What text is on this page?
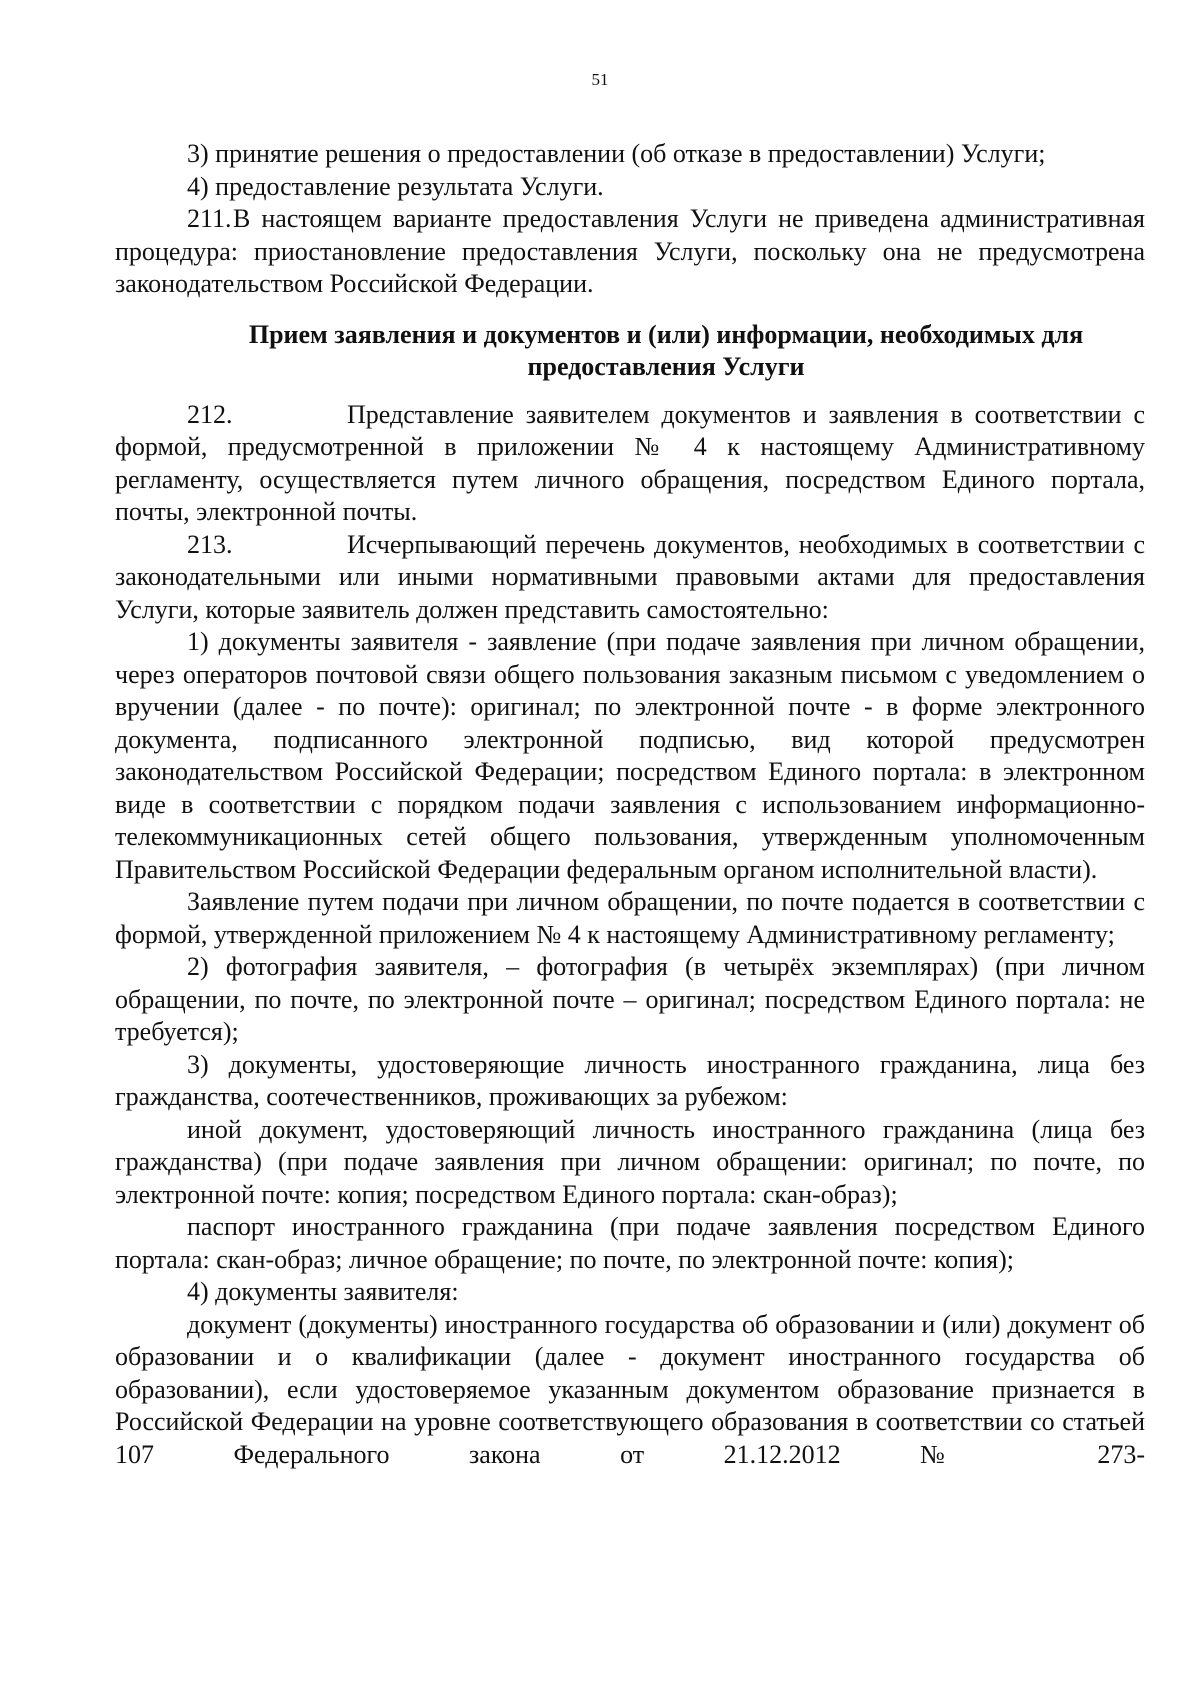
51

3) принятие решения о предоставлении (об отказе в предоставлении) Услуги;

4) предоставление результата Услуги.

211.В настоящем варианте предоставления Услуги не приведена административная процедура: приостановление предоставления Услуги, поскольку она не предусмотрена законодательством Российской Федерации.

Прием заявления и документов и (или) информации, необходимых для предоставления Услуги

212.	Представление заявителем документов и заявления в соответствии с формой, предусмотренной в приложении № 4 к настоящему Административному регламенту, осуществляется путем личного обращения, посредством Единого портала, почты, электронной почты.

213.	Исчерпывающий перечень документов, необходимых в соответствии с законодательными или иными нормативными правовыми актами для предоставления Услуги, которые заявитель должен представить самостоятельно:

1) документы заявителя - заявление (при подаче заявления при личном обращении, через операторов почтовой связи общего пользования заказным письмом с уведомлением о вручении (далее - по почте): оригинал; по электронной почте - в форме электронного документа, подписанного электронной подписью, вид которой предусмотрен законодательством Российской Федерации; посредством Единого портала: в электронном виде в соответствии с порядком подачи заявления с использованием информационно-телекоммуникационных сетей общего пользования, утвержденным уполномоченным Правительством Российской Федерации федеральным органом исполнительной власти).

Заявление путем подачи при личном обращении, по почте подается в соответствии с формой, утвержденной приложением № 4 к настоящему Административному регламенту;

2) фотография заявителя, – фотография (в четырёх экземплярах) (при личном обращении, по почте, по электронной почте – оригинал; посредством Единого портала: не требуется);

3) документы, удостоверяющие личность иностранного гражданина, лица без гражданства, соотечественников, проживающих за рубежом:

иной документ, удостоверяющий личность иностранного гражданина (лица без гражданства) (при подаче заявления при личном обращении: оригинал; по почте, по электронной почте: копия; посредством Единого портала: скан-образ);

паспорт иностранного гражданина (при подаче заявления посредством Единого портала: скан-образ; личное обращение; по почте, по электронной почте: копия);

4) документы заявителя:

документ (документы) иностранного государства об образовании и (или) документ об образовании и о квалификации (далее - документ иностранного государства об образовании), если удостоверяемое указанным документом образование признается в Российской Федерации на уровне соответствующего образования в соответствии со статьей 107 Федерального закона от 21.12.2012 № 273-
